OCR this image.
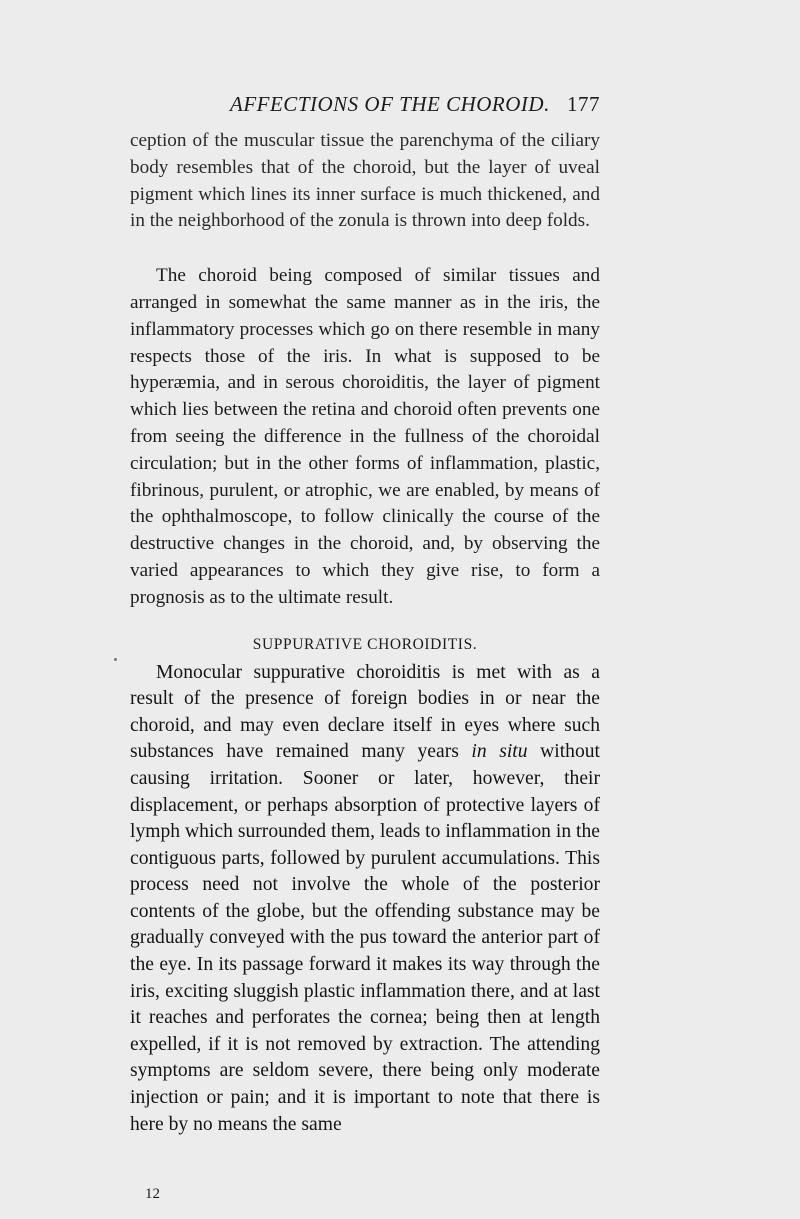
AFFECTIONS OF THE CHOROID. 177

ception of the muscular tissue the parenchyma of the ciliary body resembles that of the choroid, but the layer of uveal pigment which lines its inner surface is much thickened, and in the neighborhood of the zonula is thrown into deep folds.

The choroid being composed of similar tissues and arranged in somewhat the same manner as in the iris, the inflammatory processes which go on there resemble in many respects those of the iris. In what is supposed to be hyperæmia, and in serous choroiditis, the layer of pigment which lies between the retina and choroid often prevents one from seeing the difference in the fullness of the choroidal circulation; but in the other forms of inflammation, plastic, fibrinous, purulent, or atrophic, we are enabled, by means of the ophthalmoscope, to follow clinically the course of the destructive changes in the choroid, and, by observing the varied appearances to which they give rise, to form a prognosis as to the ultimate result.

SUPPURATIVE CHOROIDITIS.

Monocular suppurative choroiditis is met with as a result of the presence of foreign bodies in or near the choroid, and may even declare itself in eyes where such substances have remained many years in situ without causing irritation. Sooner or later, however, their displacement, or perhaps absorption of protective layers of lymph which surrounded them, leads to inflammation in the contiguous parts, followed by purulent accumulations. This process need not involve the whole of the posterior contents of the globe, but the offending substance may be gradually conveyed with the pus toward the anterior part of the eye. In its passage forward it makes its way through the iris, exciting sluggish plastic inflammation there, and at last it reaches and perforates the cornea; being then at length expelled, if it is not removed by extraction. The attending symptoms are seldom severe, there being only moderate injection or pain; and it is important to note that there is here by no means the same

12
